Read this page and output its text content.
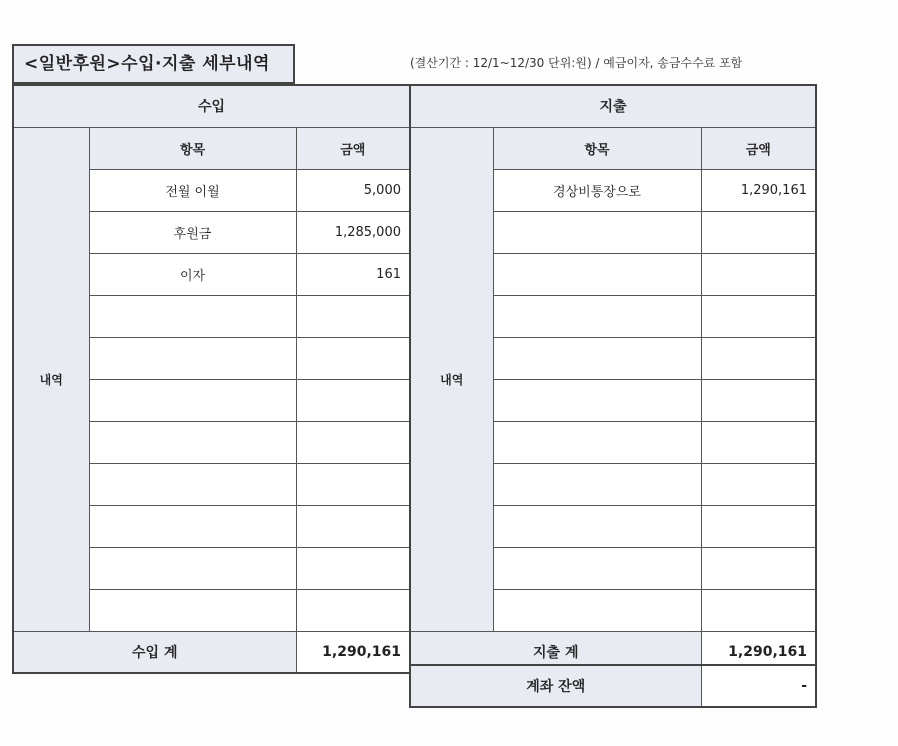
<일반후원>수입·지출 세부내역	(결산기간 : 12/1~12/30 단위:원) / 예금이자, 송금수수료 포함
수입		
내역	항목	금액
	전월 이월	5,000
	후원금	1,285,000
	이자	161

수입 계		1,290,161
지출		
내역	항목	금액
	경상비통장으로	1,290,161

지출 계		1,290,161
계좌 잔액	-
